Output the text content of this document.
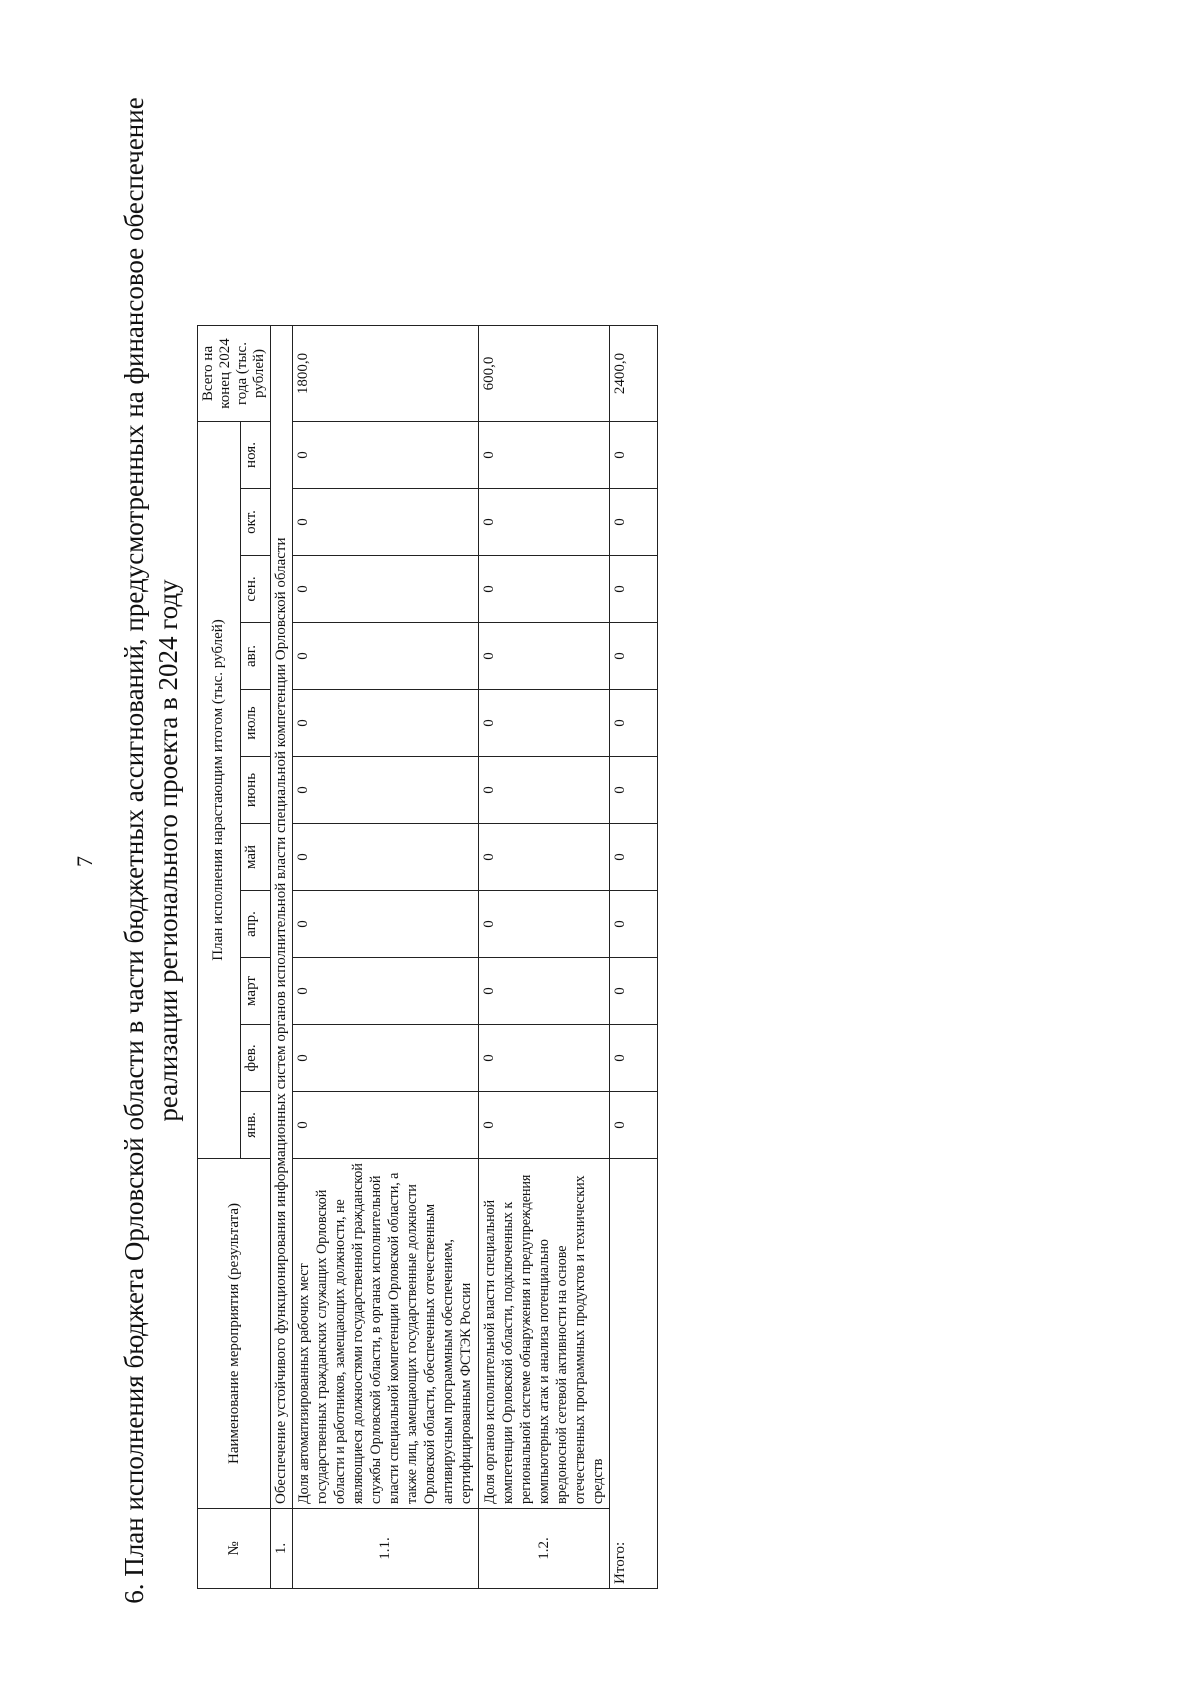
7 6. План исполнения бюджета Орловской области в части бюджетных ассигнований, предусмотренных на финансовое обеспечение реализации регионального проекта в 2024 году
№	Наименование мероприятия (результата)	План исполнения нарастающим итогом (тыс. рублей)											Всего на конец 2024 года (тыс. рублей)
		янв.	фев.	март	апр.	май	июнь	июль	авг.	сен.	окт.	ноя.	
1.	Обеспечение устойчивого функционирования информационных систем органов исполнительной власти специальной компетенции Орловской области												
1.1.	Доля автоматизированных рабочих мест государственных гражданских служащих Орловской области и работников, замещающих должности, не являющиеся должностями государственной гражданской службы Орловской области, в органах исполнительной власти специальной компетенции Орловской области, а также лиц, замещающих государственные должности Орловской области, обеспеченных отечественным антивирусным программным обеспечением, сертифицированным ФСТЭК России	0	0	0	0	0	0	0	0	0	0	0	1800,0
1.2.	Доля органов исполнительной власти специальной компетенции Орловской области, подключенных к региональной системе обнаружения и предупреждения компьютерных атак и анализа потенциально вредоносной сетевой активности на основе отечественных программных продуктов и технических средств	0	0	0	0	0	0	0	0	0	0	0	600,0
Итого:		0	0	0	0	0	0	0	0	0	0	0	2400,0
